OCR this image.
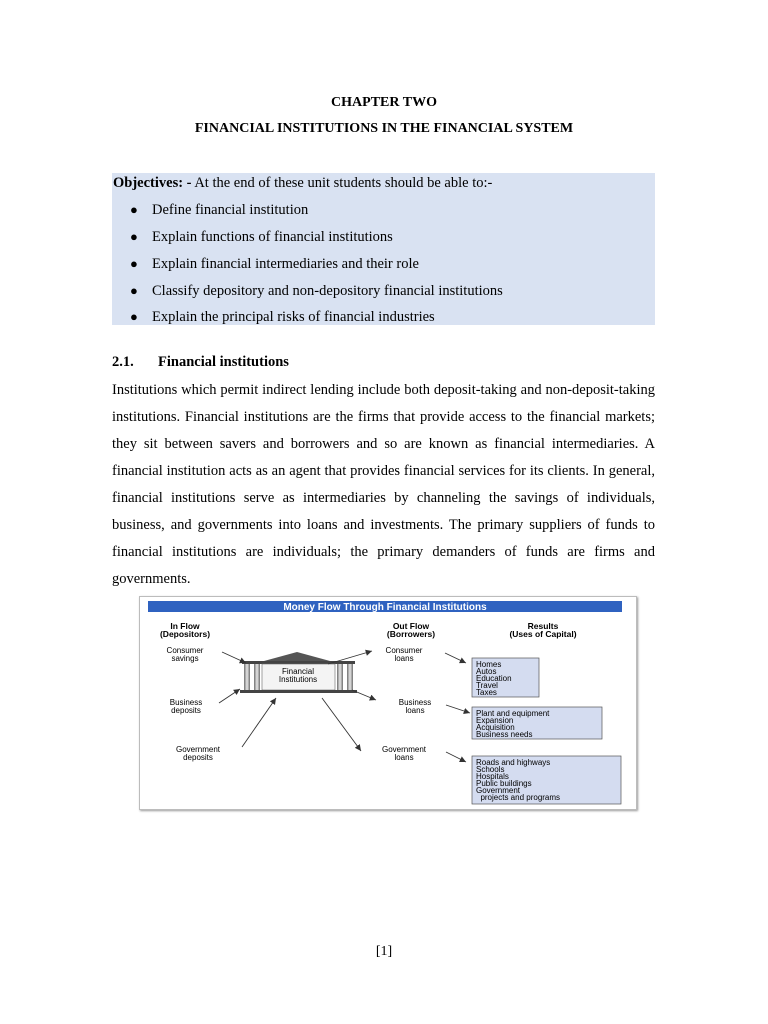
CHAPTER TWO
FINANCIAL INSTITUTIONS IN THE FINANCIAL SYSTEM
Objectives: - At the end of these unit students should be able to:-
● Define financial institution
● Explain functions of financial institutions
● Explain financial intermediaries and their role
● Classify depository and non-depository financial institutions
● Explain the principal risks of financial industries
2.1. Financial institutions

Institutions which permit indirect lending include both deposit-taking and non-deposit-taking institutions. Financial institutions are the firms that provide access to the financial markets; they sit between savers and borrowers and so are known as financial intermediaries. A financial institution acts as an agent that provides financial services for its clients. In general, financial institutions serve as intermediaries by channeling the savings of individuals, business, and governments into loans and investments. The primary suppliers of funds to financial institutions are individuals; the primary demanders of funds are firms and governments.

Money Flow Through Financial Institutions
In Flow
(Depositors)
Out Flow
(Borrowers)
Results
(Uses of Capital)
Financial
Institutions
Consumer
savings
Business
deposits
Government
deposits
Consumer
loans
Business
loans
Government
loans
Homes
Autos
Education
Travel
Taxes
Plant and equipment
Expansion
Acquisition
Business needs
Roads and highways
Schools
Hospitals
Public buildings
Government
projects and programs
[1]
